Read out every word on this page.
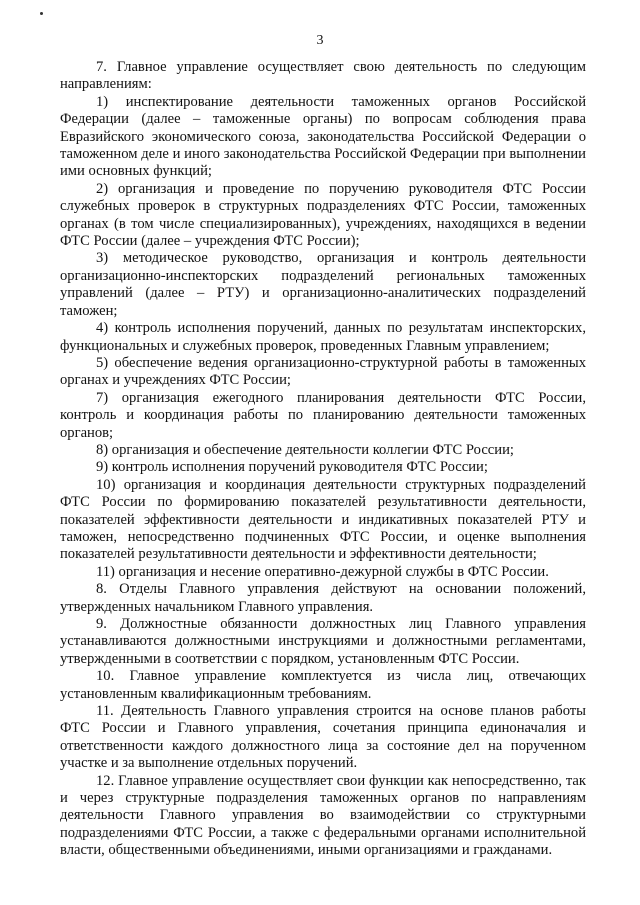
3

7. Главное управление осуществляет свою деятельность по следующим направлениям:

1) инспектирование деятельности таможенных органов Российской Федерации (далее – таможенные органы) по вопросам соблюдения права Евразийского экономического союза, законодательства Российской Федерации о таможенном деле и иного законодательства Российской Федерации при выполнении ими основных функций;

2) организация и проведение по поручению руководителя ФТС России служебных проверок в структурных подразделениях ФТС России, таможенных органах (в том числе специализированных), учреждениях, находящихся в ведении ФТС России (далее – учреждения ФТС России);

3) методическое руководство, организация и контроль деятельности организационно-инспекторских подразделений региональных таможенных управлений (далее – РТУ) и организационно-аналитических подразделений таможен;

4) контроль исполнения поручений, данных по результатам инспекторских, функциональных и служебных проверок, проведенных Главным управлением;

5) обеспечение ведения организационно-структурной работы в таможенных органах и учреждениях ФТС России;

7) организация ежегодного планирования деятельности ФТС России, контроль и координация работы по планированию деятельности таможенных органов;

8) организация и обеспечение деятельности коллегии ФТС России;

9) контроль исполнения поручений руководителя ФТС России;

10) организация и координация деятельности структурных подразделений ФТС России по формированию показателей результативности деятельности, показателей эффективности деятельности и индикативных показателей РТУ и таможен, непосредственно подчиненных ФТС России, и оценке выполнения показателей результативности деятельности и эффективности деятельности;

11) организация и несение оперативно-дежурной службы в ФТС России.

8. Отделы Главного управления действуют на основании положений, утвержденных начальником Главного управления.

9. Должностные обязанности должностных лиц Главного управления устанавливаются должностными инструкциями и должностными регламентами, утвержденными в соответствии с порядком, установленным ФТС России.

10. Главное управление комплектуется из числа лиц, отвечающих установленным квалификационным требованиям.

11. Деятельность Главного управления строится на основе планов работы ФТС России и Главного управления, сочетания принципа единоначалия и ответственности каждого должностного лица за состояние дел на порученном участке и за выполнение отдельных поручений.

12. Главное управление осуществляет свои функции как непосредственно, так и через структурные подразделения таможенных органов по направлениям деятельности Главного управления во взаимодействии со структурными подразделениями ФТС России, а также с федеральными органами исполнительной власти, общественными объединениями, иными организациями и гражданами.
